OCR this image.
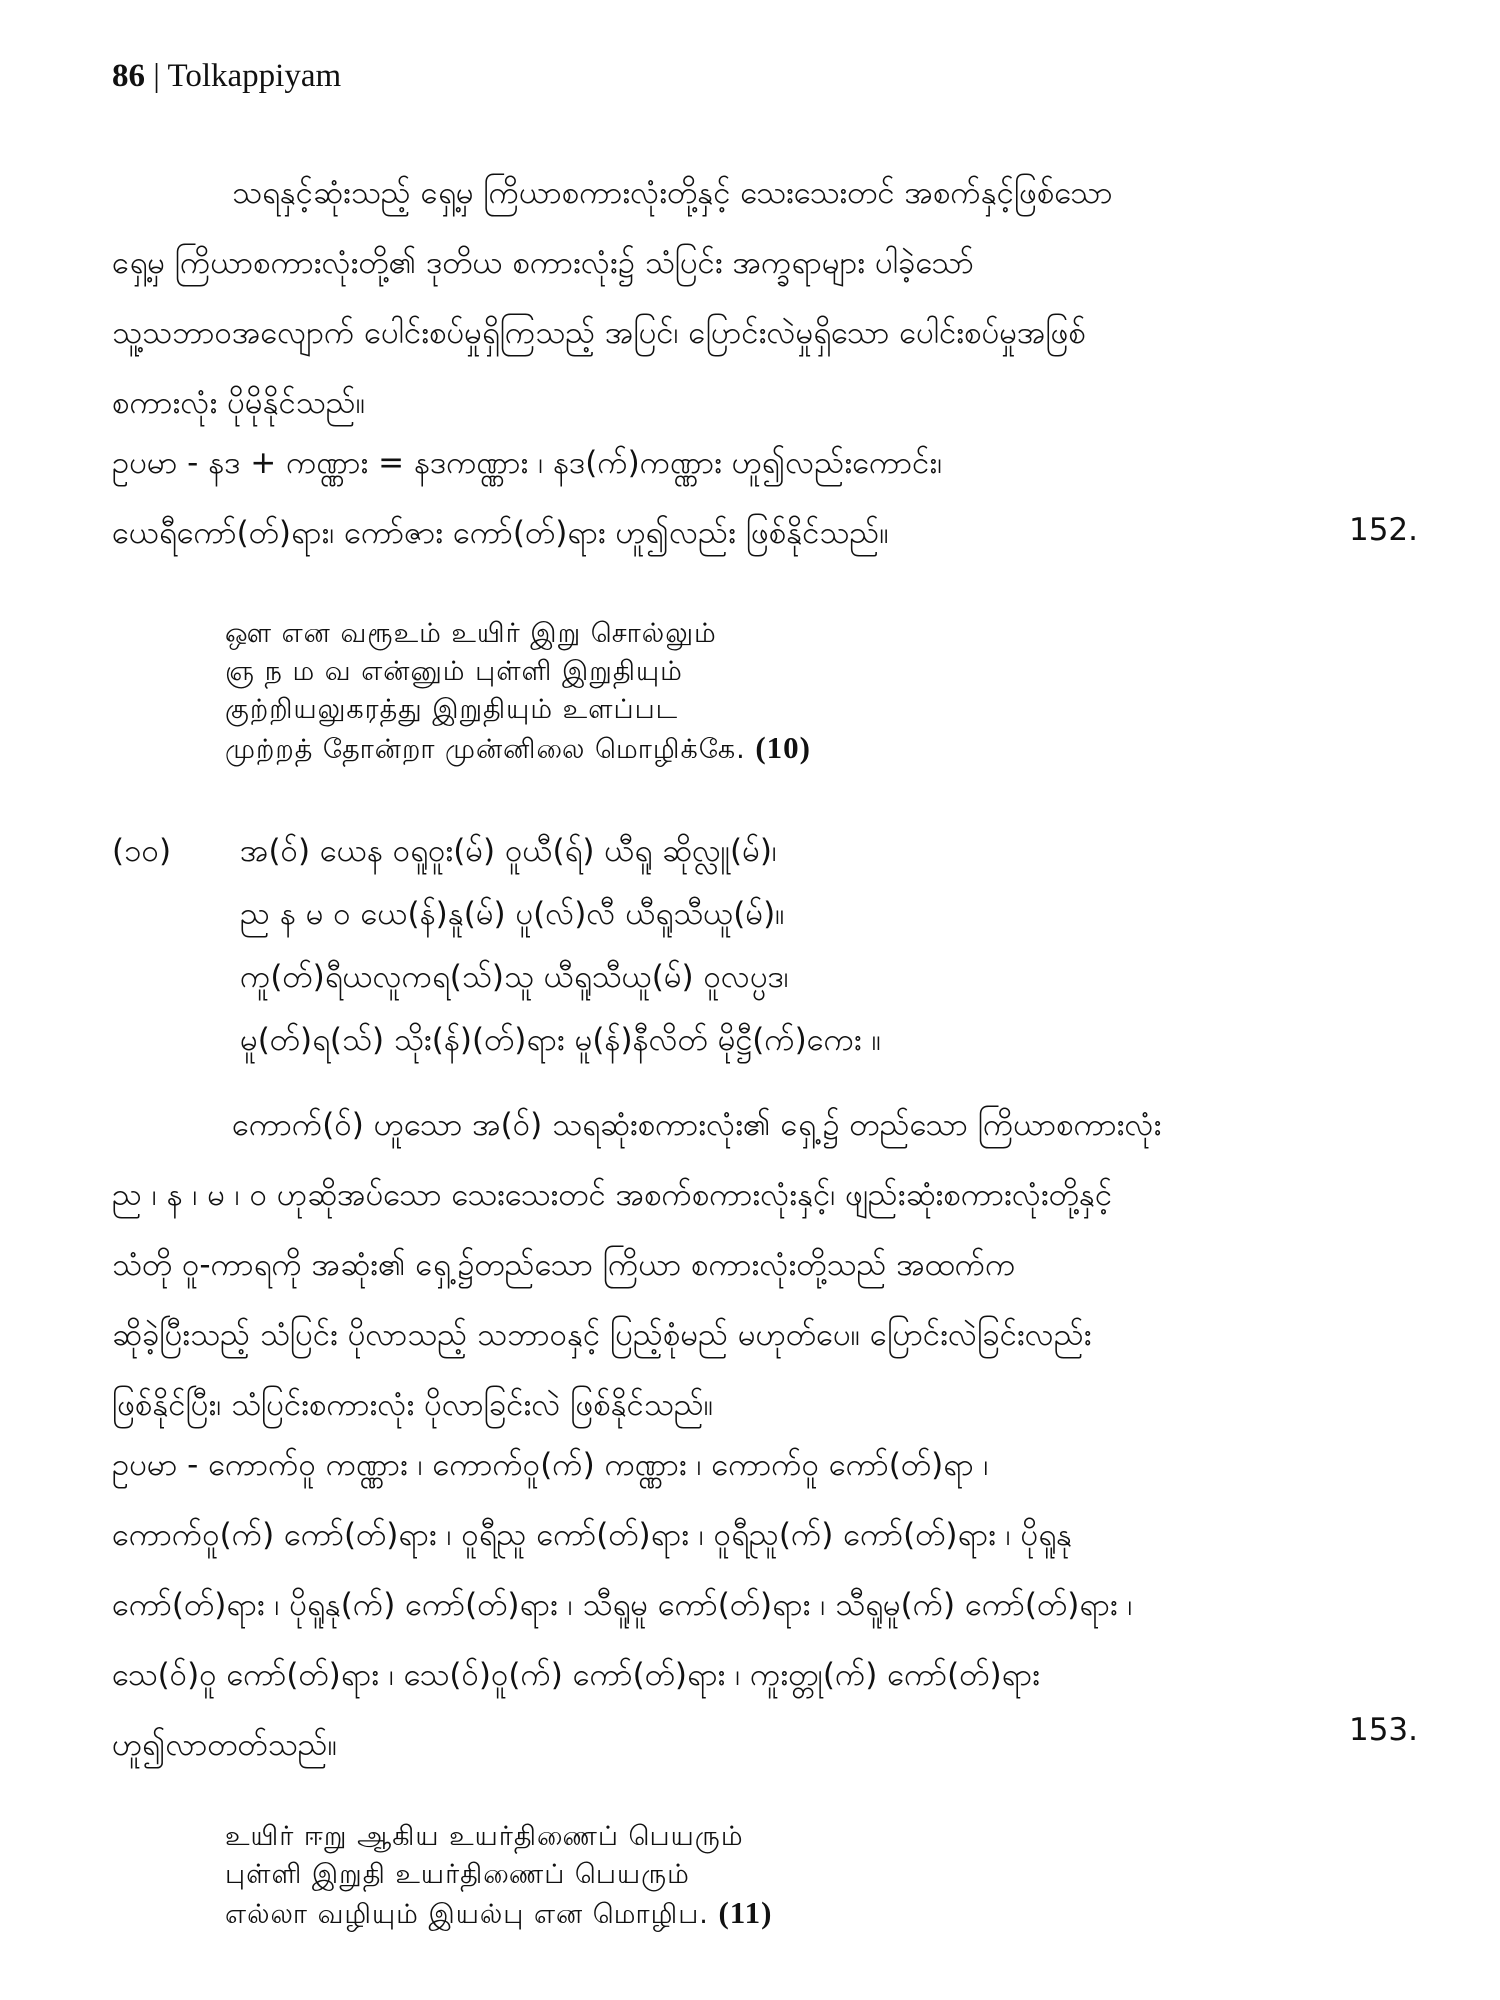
86 | Tolkappiyam
သရနှင့်ဆုံးသည့် ရှေ့မှ ကြိယာစကားလုံးတို့နှင့် သေးသေးတင် အစက်နှင့်ဖြစ်သော
ရှေ့မှ ကြိယာစကားလုံးတို့၏ ဒုတိယ စကားလုံး၌ သံပြင်း အက္ခရာများ ပါခဲ့သော်
သူ့သဘာဝအလျောက် ပေါင်းစပ်မှုရှိကြသည့် အပြင်၊ ပြောင်းလဲမှုရှိသော ပေါင်းစပ်မှုအဖြစ်
စကားလုံး ပိုမိုနိုင်သည်။
ဥပမာ - နဒ + ကဏ္ဏား = နဒကဏ္ဏား ၊ နဒ(က်)ကဏ္ဏား ဟူ၍လည်းကောင်း၊
ယေရီကော်(တ်)ရား၊ ကော်ဇား ကော်(တ်)ရား ဟူ၍လည်း ဖြစ်နိုင်သည်။	152.
ஔ என வரூஉம் உயிர் இறு சொல்லும்
ஞ ந ம வ என்னும் புள்ளி இறுதியும்
குற்றியலுகரத்து இறுதியும் உளப்பட
முற்றத் தோன்றா முன்னிலை மொழிக்கே. (10)
(၁၀) အ(ဝ်) ယေန ဝရူဝူး(မ်) ဝူယီ(ရ်) ယီရူ ဆိုလ္လူ(မ်)၊
ည န မ ဝ ယေ(န်)နူ(မ်) ပူ(လ်)လီ ယီရူသီယူ(မ်)။
ကူ(တ်)ရီယလူကရ(သ်)သူ ယီရူသီယူ(မ်) ဝူလပ္ပဒ၊
မူ(တ်)ရ(သ်) သိုး(န်)(တ်)ရား မူ(န်)နီလိတ် မိုဋ္ဌီ(က်)ကေး ။
ကောက်(ဝ်) ဟူသော အ(ဝ်) သရဆုံးစကားလုံး၏ ရှေ့၌ တည်သော ကြိယာစကားလုံး
ည ၊ န ၊ မ ၊ ဝ ဟုဆိုအပ်သော သေးသေးတင် အစက်စကားလုံးနှင့်၊ ဖျည်းဆုံးစကားလုံးတို့နှင့်
သံတို ဝူ-ကာရကို အဆုံး၏ ရှေ့၌တည်သော ကြိယာ စကားလုံးတို့သည် အထက်က
ဆိုခဲ့ပြီးသည့် သံပြင်း ပိုလာသည့် သဘာဝနှင့် ပြည့်စုံမည် မဟုတ်ပေ။ ပြောင်းလဲခြင်းလည်း
ဖြစ်နိုင်ပြီး၊ သံပြင်းစကားလုံး ပိုလာခြင်းလဲ ဖြစ်နိုင်သည်။
ဥပမာ - ကောက်ဝူ ကဏ္ဏား ၊ ကောက်ဝူ(က်) ကဏ္ဏား ၊ ကောက်ဝူ ကော်(တ်)ရာ ၊
ကောက်ဝူ(က်) ကော်(တ်)ရား ၊ ဝူရီညူ ကော်(တ်)ရား ၊ ဝူရီညူ(က်) ကော်(တ်)ရား ၊ ပိုရူနု
ကော်(တ်)ရား ၊ ပိုရူနု(က်) ကော်(တ်)ရား ၊ သီရူမူ ကော်(တ်)ရား ၊ သီရူမူ(က်) ကော်(တ်)ရား ၊
သေ(ဝ်)ဝူ ကော်(တ်)ရား ၊ သေ(ဝ်)ဝူ(က်) ကော်(တ်)ရား ၊ ကူးတ္တု(က်) ကော်(တ်)ရား
ဟူ၍လာတတ်သည်။	153.
உயிர் ஈறு ஆகிய உயர்திணைப் பெயரும்
புள்ளி இறுதி உயர்திணைப் பெயரும்
எல்லா வழியும் இயல்பு என மொழிப. (11)
